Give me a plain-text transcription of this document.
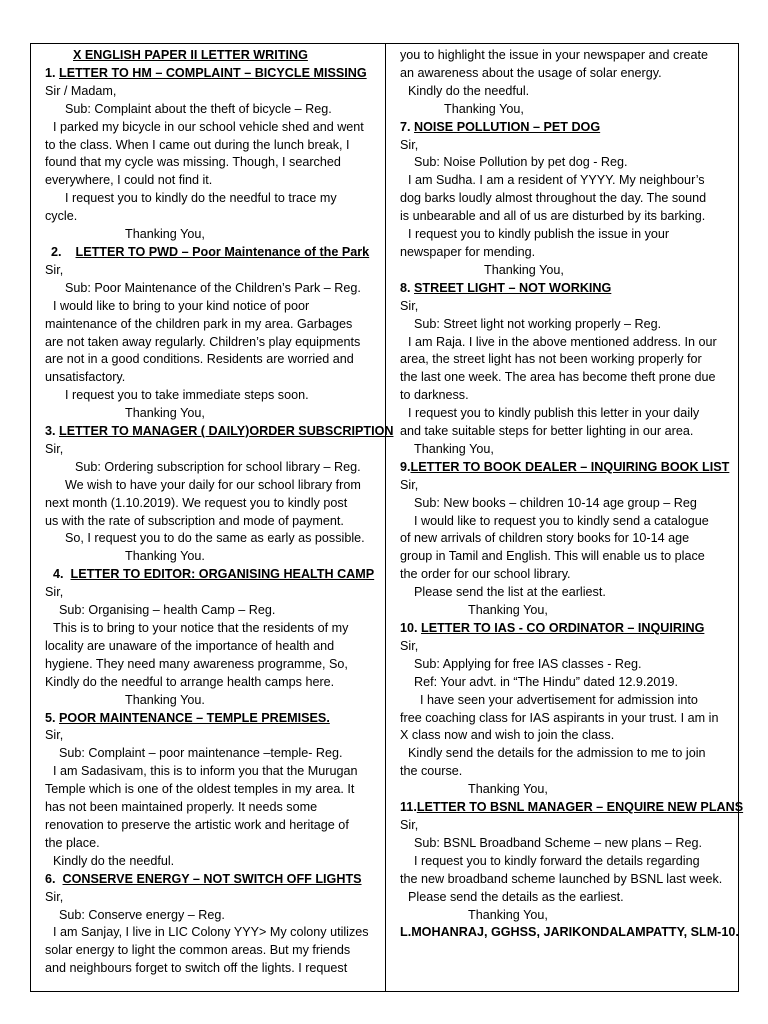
X ENGLISH PAPER II LETTER WRITING
1. LETTER TO HM – COMPLAINT – BICYCLE MISSING
Sir / Madam,
Sub: Complaint about the theft of bicycle – Reg.
I parked my bicycle in our school vehicle shed and went
to the class. When I came out during the lunch break, I
found that my cycle was missing. Though, I searched
everywhere, I could not find it.
I request you to kindly do the needful to trace my
cycle.
Thanking You,
2. LETTER TO PWD – Poor Maintenance of the Park
Sir,
Sub: Poor Maintenance of the Children’s Park – Reg.
I would like to bring to your kind notice of poor
maintenance of the children park in my area. Garbages
are not taken away regularly. Children’s play equipments
are not in a good conditions. Residents are worried and
unsatisfactory.
I request you to take immediate steps soon.
Thanking You,
3. LETTER TO MANAGER ( DAILY)ORDER SUBSCRIPTION
Sir,
Sub: Ordering subscription for school library – Reg.
We wish to have your daily for our school library from
next month (1.10.2019). We request you to kindly post
us with the rate of subscription and mode of payment.
So, I request you to do the same as early as possible.
Thanking You.
4. LETTER TO EDITOR: ORGANISING HEALTH CAMP
Sir,
Sub: Organising – health Camp – Reg.
This is to bring to your notice that the residents of my
locality are unaware of the importance of health and
hygiene. They need many awareness programme, So,
Kindly do the needful to arrange health camps here.
Thanking You.
5. POOR MAINTENANCE – TEMPLE PREMISES.
Sir,
Sub: Complaint – poor maintenance –temple- Reg.
I am Sadasivam, this is to inform you that the Murugan
Temple which is one of the oldest temples in my area. It
has not been maintained properly. It needs some
renovation to preserve the artistic work and heritage of
the place.
Kindly do the needful.
6. CONSERVE ENERGY – NOT SWITCH OFF LIGHTS
Sir,
Sub: Conserve energy – Reg.
I am Sanjay, I live in LIC Colony YYY> My colony utilizes
solar energy to light the common areas. But my friends
and neighbours forget to switch off the lights. I request
you to highlight the issue in your newspaper and create
an awareness about the usage of solar energy.
Kindly do the needful.
Thanking You,
7. NOISE POLLUTION – PET DOG
Sir,
Sub: Noise Pollution by pet dog - Reg.
I am Sudha. I am a resident of YYYY. My neighbour’s
dog barks loudly almost throughout the day. The sound
is unbearable and all of us are disturbed by its barking.
I request you to kindly publish the issue in your
newspaper for mending.
Thanking You,
8. STREET LIGHT – NOT WORKING
Sir,
Sub: Street light not working properly – Reg.
I am Raja. I live in the above mentioned address. In our
area, the street light has not been working properly for
the last one week. The area has become theft prone due
to darkness.
I request you to kindly publish this letter in your daily
and take suitable steps for better lighting in our area.
Thanking You,
9.LETTER TO BOOK DEALER – INQUIRING BOOK LIST
Sir,
Sub: New books – children 10-14 age group – Reg
I would like to request you to kindly send a catalogue
of new arrivals of children story books for 10-14 age
group in Tamil and English. This will enable us to place
the order for our school library.
Please send the list at the earliest.
Thanking You,
10. LETTER TO IAS - CO ORDINATOR – INQUIRING
Sir,
Sub: Applying for free IAS classes - Reg.
Ref: Your advt. in “The Hindu” dated 12.9.2019.
I have seen your advertisement for admission into
free coaching class for IAS aspirants in your trust. I am in
X class now and wish to join the class.
Kindly send the details for the admission to me to join
the course.
Thanking You,
11.LETTER TO BSNL MANAGER – ENQUIRE NEW PLANS
Sir,
Sub: BSNL Broadband Scheme – new plans – Reg.
I request you to kindly forward the details regarding
the new broadband scheme launched by BSNL last week.
Please send the details as the earliest.
Thanking You,
L.MOHANRAJ, GGHSS, JARIKONDALAMPATTY, SLM-10.
